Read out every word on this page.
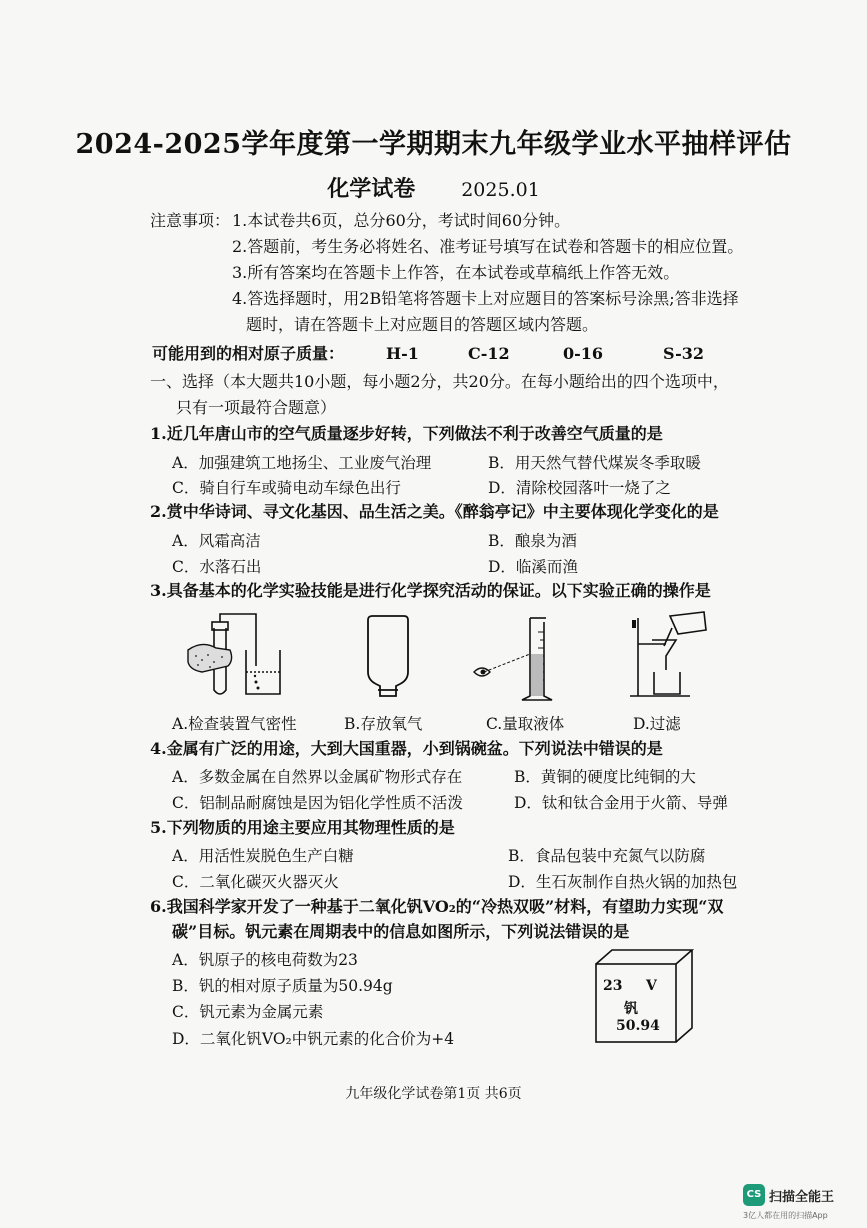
2024-2025学年度第一学期期末九年级学业水平抽样评估
化学试卷 2025.01
注意事项： 1.本试卷共6页，总分60分，考试时间60分钟。
2.答题前，考生务必将姓名、准考证号填写在试卷和答题卡的相应位置。
3.所有答案均在答题卡上作答，在本试卷或草稿纸上作答无效。
4.答选择题时，用2B铅笔将答题卡上对应题目的答案标号涂黑;答非选择
题时，请在答题卡上对应题目的答题区域内答题。
可能用到的相对原子质量：	H-1	C-12	0-16	S-32
一、选择（本大题共10小题，每小题2分，共20分。在每小题给出的四个选项中，
只有一项最符合题意）
1.近几年唐山市的空气质量逐步好转，下列做法不利于改善空气质量的是
A．加强建筑工地扬尘、工业废气治理	B．用天然气替代煤炭冬季取暖
C．骑自行车或骑电动车绿色出行	D．清除校园落叶一烧了之
2.赏中华诗词、寻文化基因、品生活之美。《醉翁亭记》中主要体现化学变化的是
A．风霜高洁	B．酿泉为酒
C．水落石出	D．临溪而渔
3.具备基本的化学实验技能是进行化学探究活动的保证。以下实验正确的操作是
A.检查装置气密性	B.存放氧气	C.量取液体	D.过滤
4.金属有广泛的用途，大到大国重器，小到锅碗盆。下列说法中错误的是
A．多数金属在自然界以金属矿物形式存在	B．黄铜的硬度比纯铜的大
C．铝制品耐腐蚀是因为铝化学性质不活泼	D．钛和钛合金用于火箭、导弹
5.下列物质的用途主要应用其物理性质的是
A．用活性炭脱色生产白糖	B．食品包装中充氮气以防腐
C．二氧化碳灭火器灭火	D．生石灰制作自热火锅的加热包
6.我国科学家开发了一种基于二氧化钒VO₂的“冷热双吸”材料，有望助力实现“双
碳”目标。钒元素在周期表中的信息如图所示，下列说法错误的是
A．钒原子的核电荷数为23
B．钒的相对原子质量为50.94g
C．钒元素为金属元素
D．二氧化钒VO₂中钒元素的化合价为+4
23 V
钒
50.94
九年级化学试卷第1页 共6页
CS 扫描全能王
3亿人都在用的扫描App
